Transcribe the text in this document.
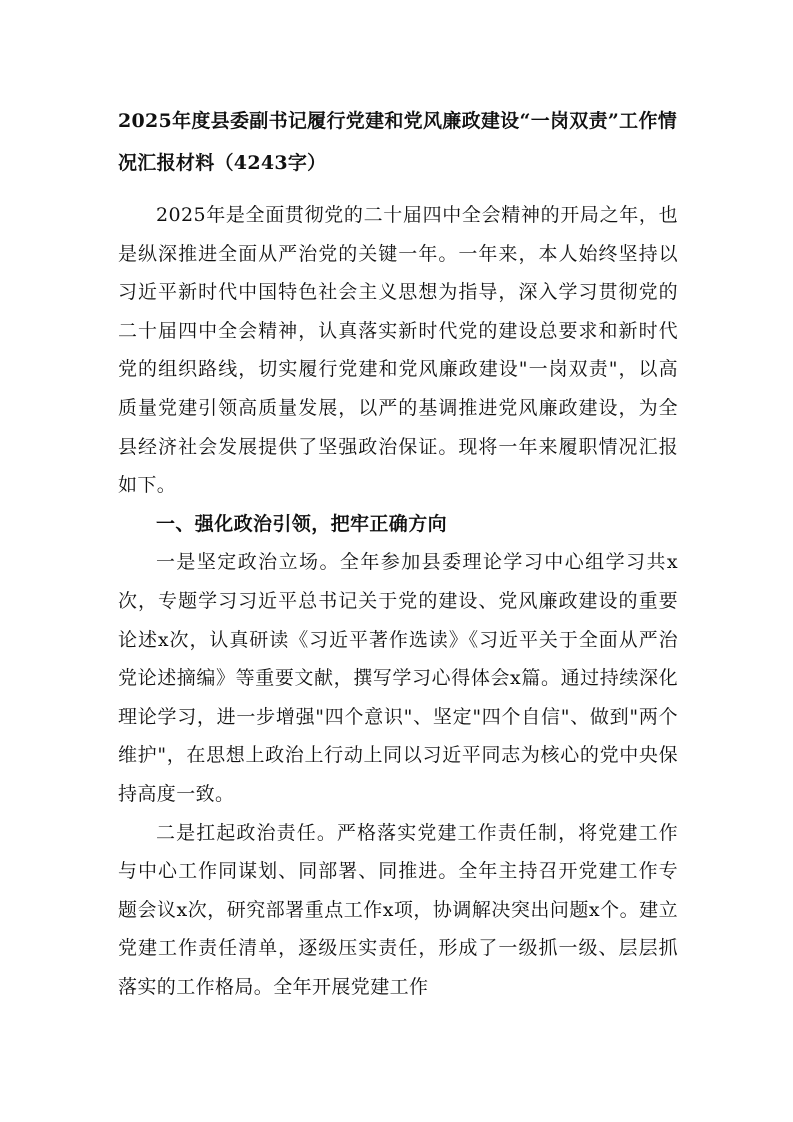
2025年度县委副书记履行党建和党风廉政建设“一岗双责”工作情况汇报材料（4243字）

2025年是全面贯彻党的二十届四中全会精神的开局之年，也是纵深推进全面从严治党的关键一年。一年来，本人始终坚持以习近平新时代中国特色社会主义思想为指导，深入学习贯彻党的二十届四中全会精神，认真落实新时代党的建设总要求和新时代党的组织路线，切实履行党建和党风廉政建设"一岗双责"，以高质量党建引领高质量发展，以严的基调推进党风廉政建设，为全县经济社会发展提供了坚强政治保证。现将一年来履职情况汇报如下。

一、强化政治引领，把牢正确方向

一是坚定政治立场。全年参加县委理论学习中心组学习共x次，专题学习习近平总书记关于党的建设、党风廉政建设的重要论述x次，认真研读《习近平著作选读》《习近平关于全面从严治党论述摘编》等重要文献，撰写学习心得体会x篇。通过持续深化理论学习，进一步增强"四个意识"、坚定"四个自信"、做到"两个维护"，在思想上政治上行动上同以习近平同志为核心的党中央保持高度一致。

二是扛起政治责任。严格落实党建工作责任制，将党建工作与中心工作同谋划、同部署、同推进。全年主持召开党建工作专题会议x次，研究部署重点工作x项，协调解决突出问题x个。建立党建工作责任清单，逐级压实责任，形成了一级抓一级、层层抓落实的工作格局。全年开展党建工作
